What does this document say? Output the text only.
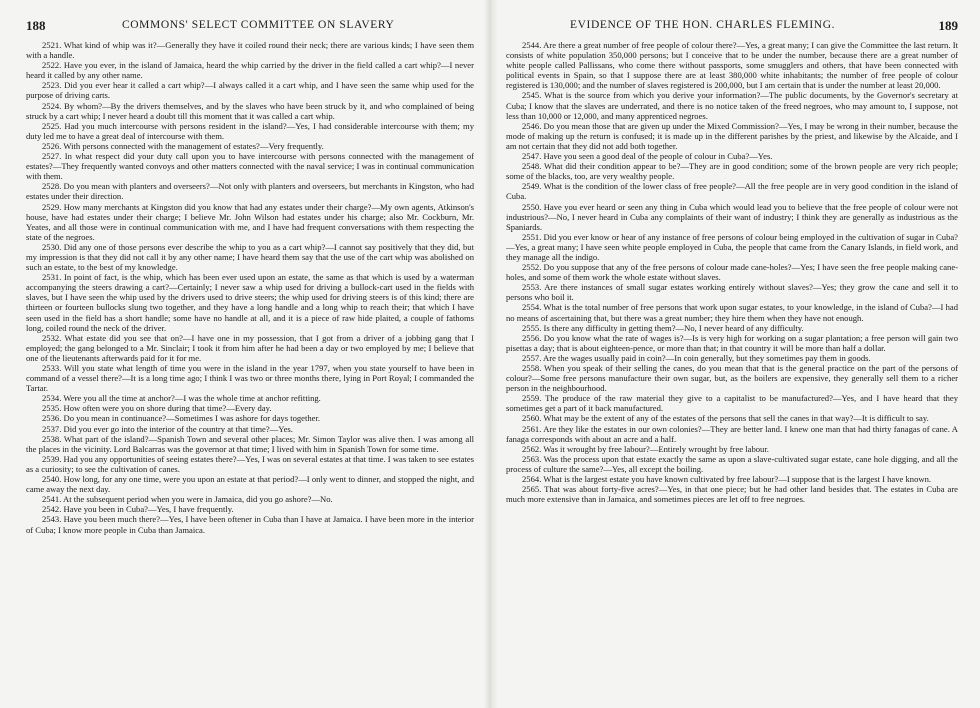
188	COMMONS' SELECT COMMITTEE ON SLAVERY

2521. What kind of whip was it?—Generally they have it coiled round their neck; there are various kinds; I have seen them with a handle.

2522. Have you ever, in the island of Jamaica, heard the whip carried by the driver in the field called a cart whip?—I never heard it called by any other name.

2523. Did you ever hear it called a cart whip?—I always called it a cart whip, and I have seen the same whip used for the purpose of driving carts.

2524. By whom?—By the drivers themselves, and by the slaves who have been struck by it, and who complained of being struck by a cart whip; I never heard a doubt till this moment that it was called a cart whip.

2525. Had you much intercourse with persons resident in the island?—Yes, I had considerable intercourse with them; my duty led me to have a great deal of intercourse with them.

2526. With persons connected with the management of estates?—Very frequently.

2527. In what respect did your duty call upon you to have intercourse with persons connected with the management of estates?—They frequently wanted convoys and other matters connected with the naval service; I was in continual communication with them.

2528. Do you mean with planters and overseers?—Not only with planters and overseers, but merchants in Kingston, who had estates under their direction.

2529. How many merchants at Kingston did you know that had any estates under their charge?—My own agents, Atkinson's house, have had estates under their charge; I believe Mr. John Wilson had estates under his charge; also Mr. Cockburn, Mr. Yeates, and all those were in continual communication with me, and I have had frequent conversations with them respecting the state of the negroes.

2530. Did any one of those persons ever describe the whip to you as a cart whip?—I cannot say positively that they did, but my impression is that they did not call it by any other name; I have heard them say that the use of the cart whip was abolished on such an estate, to the best of my knowledge.

2531. In point of fact, is the whip, which has been ever used upon an estate, the same as that which is used by a waterman accompanying the steers drawing a cart?—Certainly; I never saw a whip used for driving a bullock-cart used in the fields with slaves, but I have seen the whip used by the drivers used to drive steers; the whip used for driving steers is of this kind; there are thirteen or fourteen bullocks slung two together, and they have a long handle and a long whip to reach their; that which I have seen used in the field has a short handle; some have no handle at all, and it is a piece of raw hide plaited, a couple of fathoms long, coiled round the neck of the driver.

2532. What estate did you see that on?—I have one in my possession, that I got from a driver of a jobbing gang that I employed; the gang belonged to a Mr. Sinclair; I took it from him after he had been a day or two employed by me; I believe that one of the lieutenants afterwards paid for it for me.

2533. Will you state what length of time you were in the island in the year 1797, when you state yourself to have been in command of a vessel there?—It is a long time ago; I think I was two or three months there, lying in Port Royal; I commanded the Tartar.

2534. Were you all the time at anchor?—I was the whole time at anchor refitting.

2535. How often were you on shore during that time?—Every day.

2536. Do you mean in continuance?—Sometimes I was ashore for days together.

2537. Did you ever go into the interior of the country at that time?—Yes.

2538. What part of the island?—Spanish Town and several other places; Mr. Simon Taylor was alive then. I was among all the places in the vicinity. Lord Balcarras was the governor at that time; I lived with him in Spanish Town for some time.

2539. Had you any opportunities of seeing estates there?—Yes, I was on several estates at that time. I was taken to see estates as a curiosity; to see the cultivation of canes.

2540. How long, for any one time, were you upon an estate at that period?—I only went to dinner, and stopped the night, and came away the next day.

2541. At the subsequent period when you were in Jamaica, did you go ashore?—No.

2542. Have you been in Cuba?—Yes, I have frequently.

2543. Have you been much there?—Yes, I have been oftener in Cuba than I have at Jamaica. I have been more in the interior of Cuba; I know more people in Cuba than Jamaica.

EVIDENCE OF THE HON. CHARLES FLEMING.	189

2544. Are there a great number of free people of colour there?—Yes, a great many; I can give the Committee the last return. It consists of white population 350,000 persons; but I conceive that to be under the number, because there are a great number of white people called Pallissans, who come there without passports, some smugglers and others, that have been connected with political events in Spain, so that I suppose there are at least 380,000 white inhabitants; the number of free people of colour registered is 130,000; and the number of slaves registered is 200,000, but I am certain that is under the number at least 20,000.

2545. What is the source from which you derive your information?—The public documents, by the Governor's secretary at Cuba; I know that the slaves are underrated, and there is no notice taken of the freed negroes, who may amount to, I suppose, not less than 10,000 or 12,000, and many apprenticed negroes.

2546. Do you mean those that are given up under the Mixed Commission?—Yes, I may be wrong in their number, because the mode of making up the return is confused; it is made up in the different parishes by the priest, and likewise by the Alcaide, and I am not certain that they did not add both together.

2547. Have you seen a good deal of the people of colour in Cuba?—Yes.

2548. What did their condition appear to be?—They are in good condition; some of the brown people are very rich people; some of the blacks, too, are very wealthy people.

2549. What is the condition of the lower class of free people?—All the free people are in very good condition in the island of Cuba.

2550. Have you ever heard or seen any thing in Cuba which would lead you to believe that the free people of colour were not industrious?—No, I never heard in Cuba any complaints of their want of industry; I think they are generally as industrious as the Spaniards.

2551. Did you ever know or hear of any instance of free persons of colour being employed in the cultivation of sugar in Cuba?—Yes, a great many; I have seen white people employed in Cuba, the people that came from the Canary Islands, in field work, and they manage all the indigo.

2552. Do you suppose that any of the free persons of colour made cane-holes?—Yes; I have seen the free people making cane-holes, and some of them work the whole estate without slaves.

2553. Are there instances of small sugar estates working entirely without slaves?—Yes; they grow the cane and sell it to persons who boil it.

2554. What is the total number of free persons that work upon sugar estates, to your knowledge, in the island of Cuba?—I had no means of ascertaining that, but there was a great number; they hire them when they have not enough.

2555. Is there any difficulty in getting them?—No, I never heard of any difficulty.

2556. Do you know what the rate of wages is?—Is is very high for working on a sugar plantation; a free person will gain two pisettas a day; that is about eighteen-pence, or more than that; in that country it will be more than half a dollar.

2557. Are the wages usually paid in coin?—In coin generally, but they sometimes pay them in goods.

2558. When you speak of their selling the canes, do you mean that that is the general practice on the part of the persons of colour?—Some free persons manufacture their own sugar, but, as the boilers are expensive, they generally sell them to a richer person in the neighbourhood.

2559. The produce of the raw material they give to a capitalist to be manufactured?—Yes, and I have heard that they sometimes get a part of it back manufactured.

2560. What may be the extent of any of the estates of the persons that sell the canes in that way?—It is difficult to say.

2561. Are they like the estates in our own colonies?—They are better land. I knew one man that had thirty fanagas of cane. A fanaga corresponds with about an acre and a half.

2562. Was it wrought by free labour?—Entirely wrought by free labour.

2563. Was the process upon that estate exactly the same as upon a slave-cultivated sugar estate, cane hole digging, and all the process of culture the same?—Yes, all except the boiling.

2564. What is the largest estate you have known cultivated by free labour?—I suppose that is the largest I have known.

2565. That was about forty-five acres?—Yes, in that one piece; but he had other land besides that. The estates in Cuba are much more extensive than in Jamaica, and sometimes pieces are let off to free negroes.
